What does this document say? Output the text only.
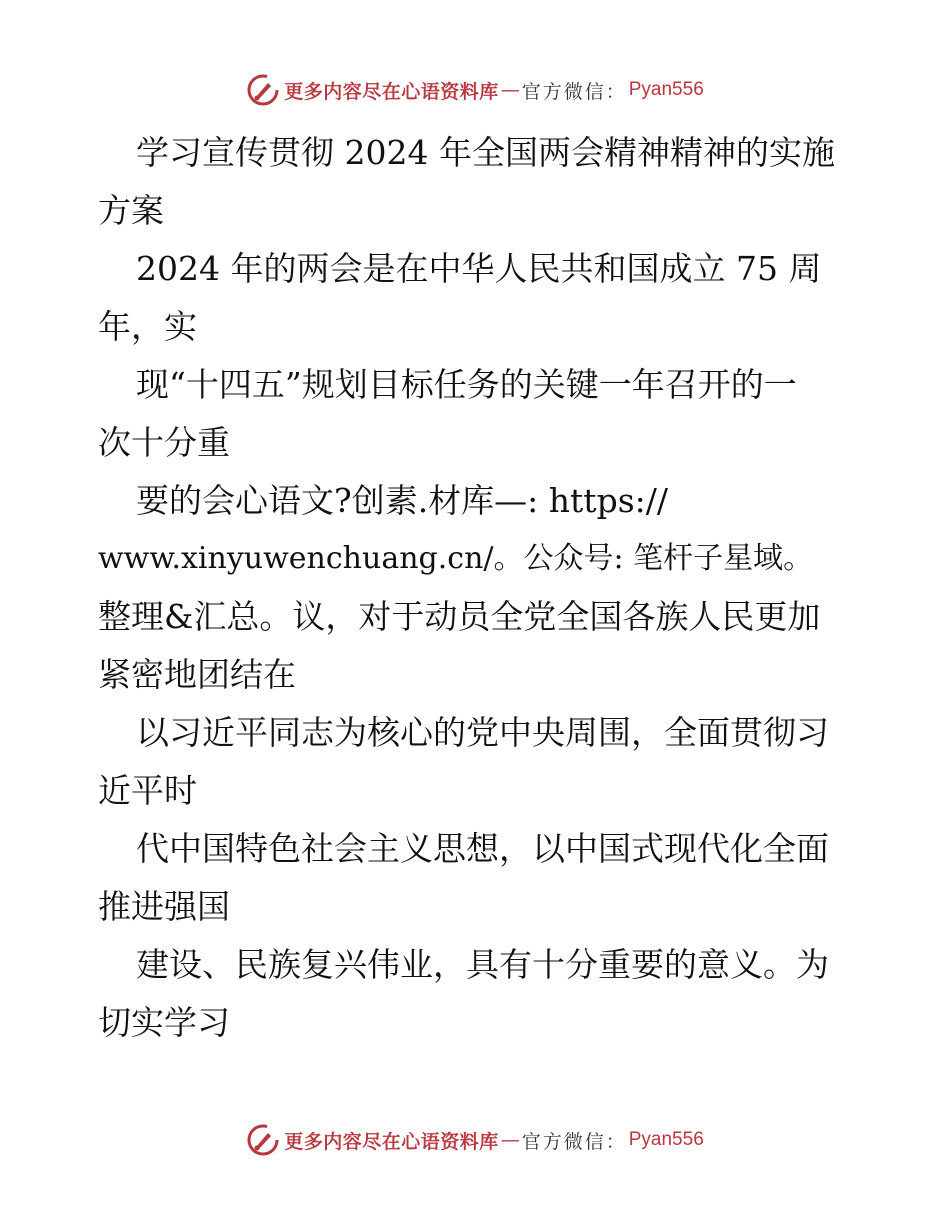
更多内容尽在心语资料库 — 官方微信： Pyan556
学习宣传贯彻 2024 年全国两会精神精神的实施
方案
2024 年的两会是在中华人民共和国成立 75 周
年，实
现“十四五”规划目标任务的关键一年召开的一
次十分重
要的会心语文?创素.材库—: https://
www.xinyuwenchuang.cn/。公众号: 笔杆子星域。
整理&汇总。议，对于动员全党全国各族人民更加
紧密地团结在
以习近平同志为核心的党中央周围，全面贯彻习
近平时
代中国特色社会主义思想，以中国式现代化全面
推进强国
建设、民族复兴伟业，具有十分重要的意义。为
切实学习
更多内容尽在心语资料库 — 官方微信： Pyan556
